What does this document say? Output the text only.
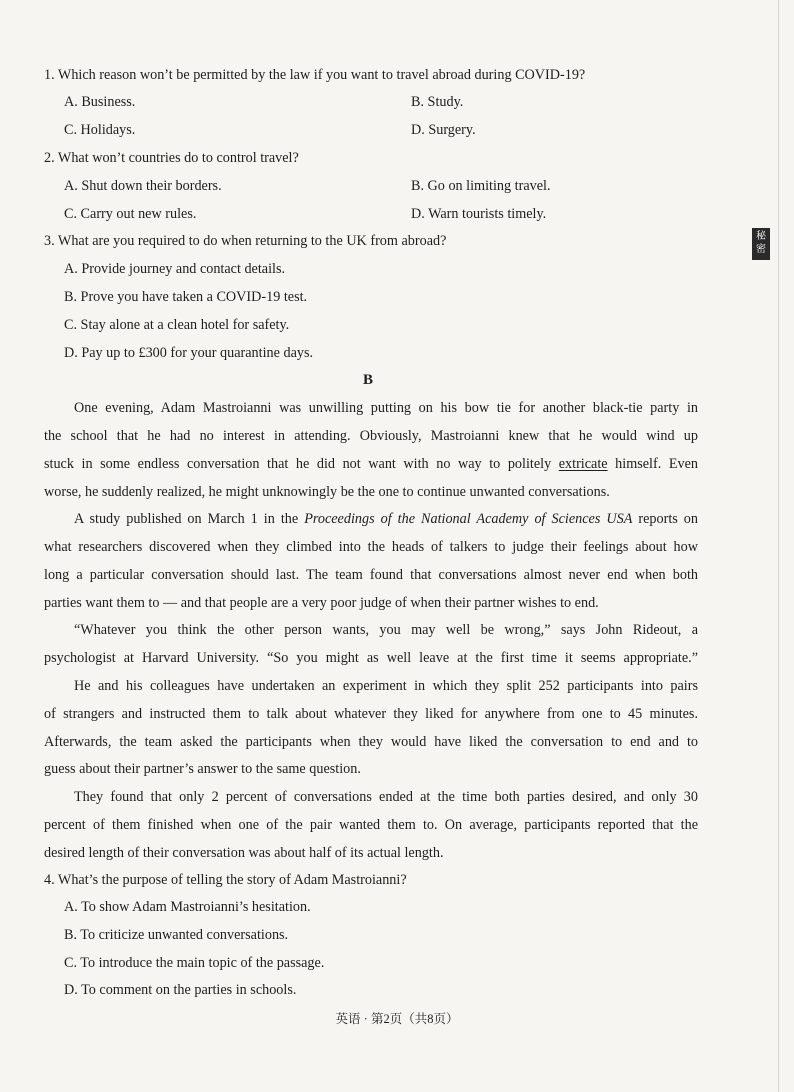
1. Which reason won’t be permitted by the law if you want to travel abroad during COVID-19?
A. Business.	B. Study.
C. Holidays.	D. Surgery.
2. What won’t countries do to control travel?
A. Shut down their borders.	B. Go on limiting travel.
C. Carry out new rules.	D. Warn tourists timely.
3. What are you required to do when returning to the UK from abroad?
A. Provide journey and contact details.
B. Prove you have taken a COVID-19 test.
C. Stay alone at a clean hotel for safety.
D. Pay up to £300 for your quarantine days.
B
One evening, Adam Mastroianni was unwilling putting on his bow tie for another black-tie party in
the school that he had no interest in attending. Obviously, Mastroianni knew that he would wind up
stuck in some endless conversation that he did not want with no way to politely extricate himself. Even
worse, he suddenly realized, he might unknowingly be the one to continue unwanted conversations.
A study published on March 1 in the Proceedings of the National Academy of Sciences USA reports on
what researchers discovered when they climbed into the heads of talkers to judge their feelings about how
long a particular conversation should last. The team found that conversations almost never end when both
parties want them to — and that people are a very poor judge of when their partner wishes to end.
“Whatever you think the other person wants, you may well be wrong,” says John Rideout, a
psychologist at Harvard University. “So you might as well leave at the first time it seems appropriate.”
He and his colleagues have undertaken an experiment in which they split 252 participants into pairs
of strangers and instructed them to talk about whatever they liked for anywhere from one to 45 minutes.
Afterwards, the team asked the participants when they would have liked the conversation to end and to
guess about their partner’s answer to the same question.
They found that only 2 percent of conversations ended at the time both parties desired, and only 30
percent of them finished when one of the pair wanted them to. On average, participants reported that the
desired length of their conversation was about half of its actual length.
4. What’s the purpose of telling the story of Adam Mastroianni?
A. To show Adam Mastroianni’s hesitation.
B. To criticize unwanted conversations.
C. To introduce the main topic of the passage.
D. To comment on the parties in schools.
英语 · 第2页（共8页）
秘
密
